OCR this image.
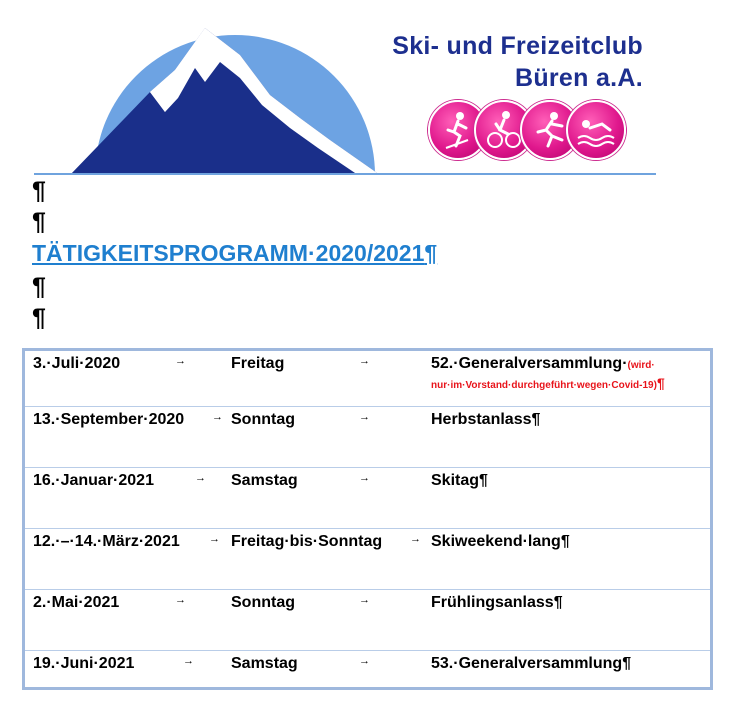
Ski- und Freizeitclub
Büren a.A.
¶
¶
TÄTIGKEITSPROGRAMM·2020/2021¶
¶
¶
3.·Juli·2020	→	Freitag	→	52.·Generalversammlung·(wird·
nur·im·Vorstand·durchgeführt·wegen·Covid-19)¶
13.·September·2020	→ Sonntag	→	Herbstanlass¶
16.·Januar·2021	→ Samstag	→	Skitag¶
12.·–·14.·März·2021	→ Freitag·bis·Sonntag	→ Skiweekend·lang¶
2.·Mai·2021	→	Sonntag	→	Frühlingsanlass¶
19.·Juni·2021	→ Samstag	→	53.·Generalversammlung¶
